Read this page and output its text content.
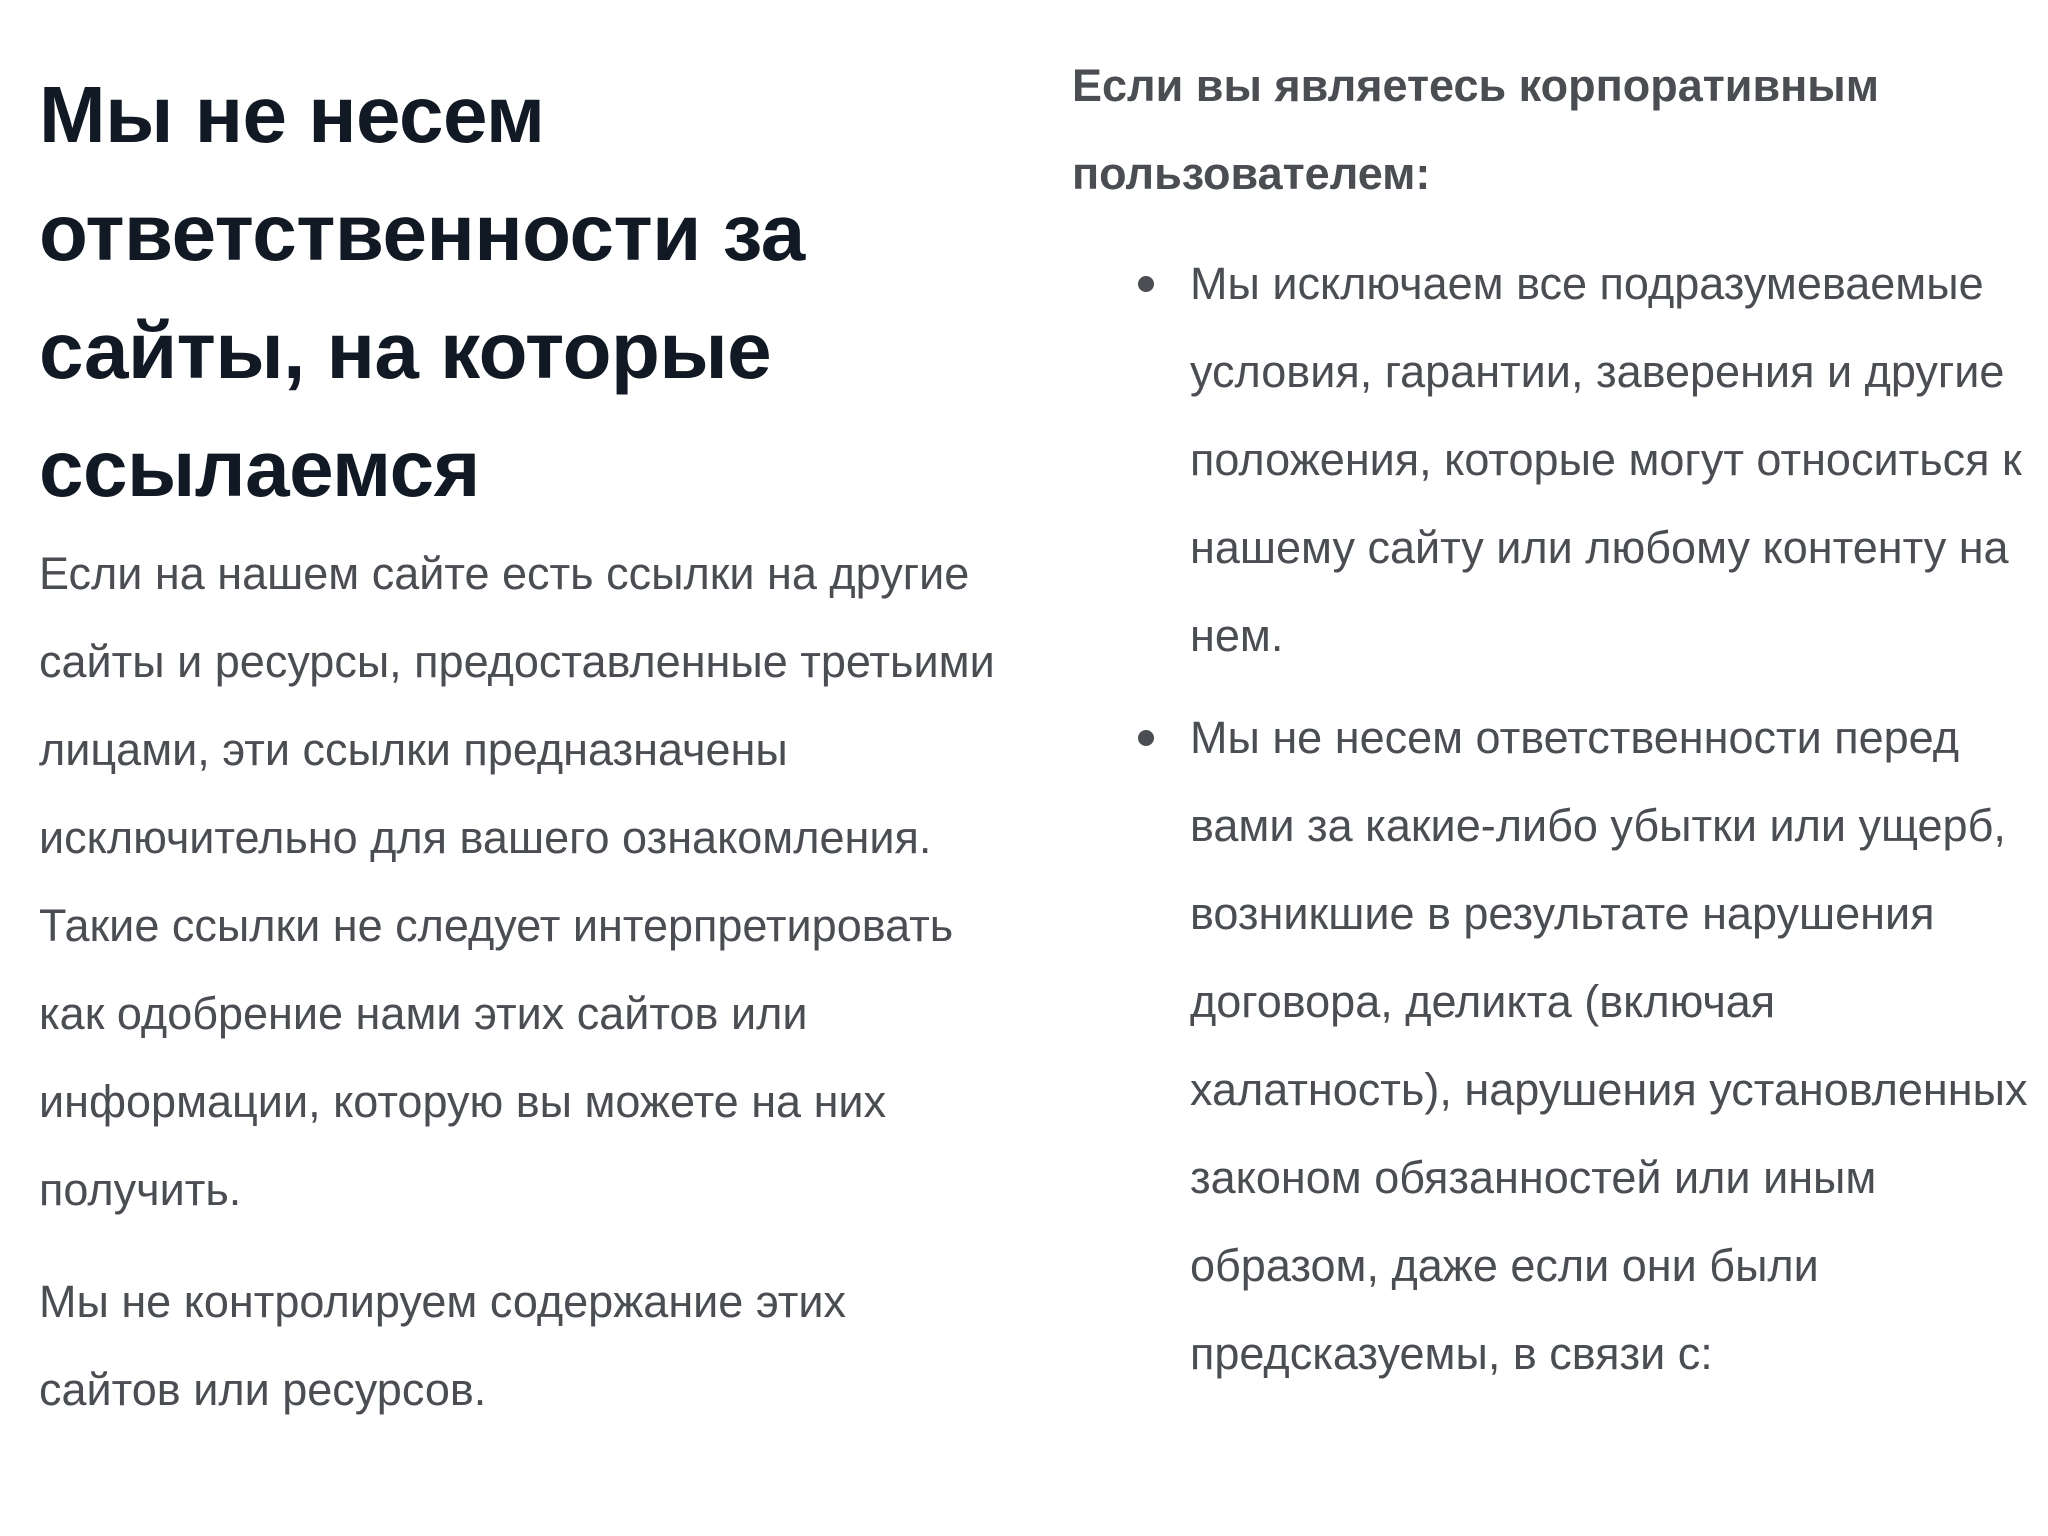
Мы не несем ответственности за сайты, на которые ссылаемся

Если на нашем сайте есть ссылки на другие сайты и ресурсы, предоставленные третьими лицами, эти ссылки предназначены исключительно для вашего ознакомления. Такие ссылки не следует интерпретировать как одобрение нами этих сайтов или информации, которую вы можете на них получить.

Мы не контролируем содержание этих сайтов или ресурсов.

Если вы являетесь корпоративным пользователем:

Мы исключаем все подразумеваемые условия, гарантии, заверения и другие положения, которые могут относиться к нашему сайту или любому контенту на нем.
Мы не несем ответственности перед вами за какие-либо убытки или ущерб, возникшие в результате нарушения договора, деликта (включая халатность), нарушения установленных законом обязанностей или иным образом, даже если они были предсказуемы, в связи с:
